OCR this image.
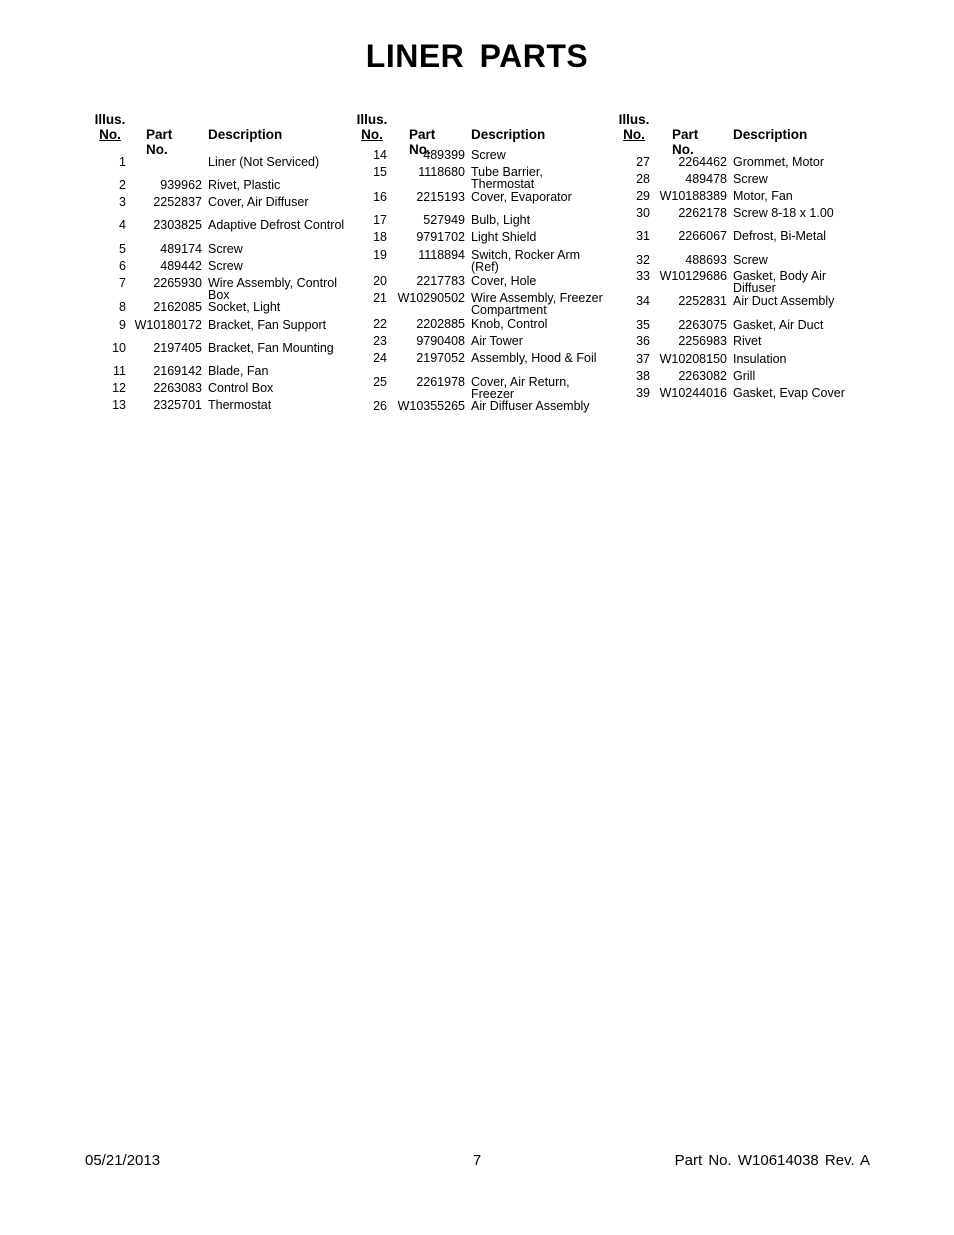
LINER PARTS
Illus.
No.	Part No.
Description
Illus.
No.	Part No.
Description
Illus.
No.	Part No.
Description
1	Liner (Not Serviced)
2	939962 Rivet, Plastic
3	2252837 Cover, Air Diffuser
4	2303825 Adaptive Defrost Control
5	489174 Screw
6	489442 Screw
7	2265930 Wire Assembly, Control
Box
8	2162085 Socket, Light
9 W10180172 Bracket, Fan Support
10	2197405 Bracket, Fan Mounting
11	2169142 Blade, Fan
12	2263083 Control Box
13	2325701 Thermostat
14	489399 Screw
15	1118680 Tube Barrier,
Thermostat
16	2215193 Cover, Evaporator
17	527949 Bulb, Light
18	9791702 Light Shield
19	1118894 Switch, Rocker Arm
(Ref)
20	2217783 Cover, Hole
21 W10290502 Wire Assembly, Freezer
Compartment
22	2202885 Knob, Control
23	9790408 Air Tower
24	2197052 Assembly, Hood & Foil
25	2261978 Cover, Air Return,
Freezer
26 W10355265 Air Diffuser Assembly
27	2264462 Grommet, Motor
28	489478 Screw
29 W10188389 Motor, Fan
30	2262178 Screw 8-18 x 1.00
31	2266067 Defrost, Bi-Metal
32	488693 Screw
33 W10129686 Gasket, Body Air
Diffuser
34	2252831 Air Duct Assembly
35	2263075 Gasket, Air Duct
36	2256983 Rivet
37 W10208150 Insulation
38	2263082 Grill
39 W10244016 Gasket, Evap Cover
05/21/2013	7	Part No. W10614038 Rev. A
